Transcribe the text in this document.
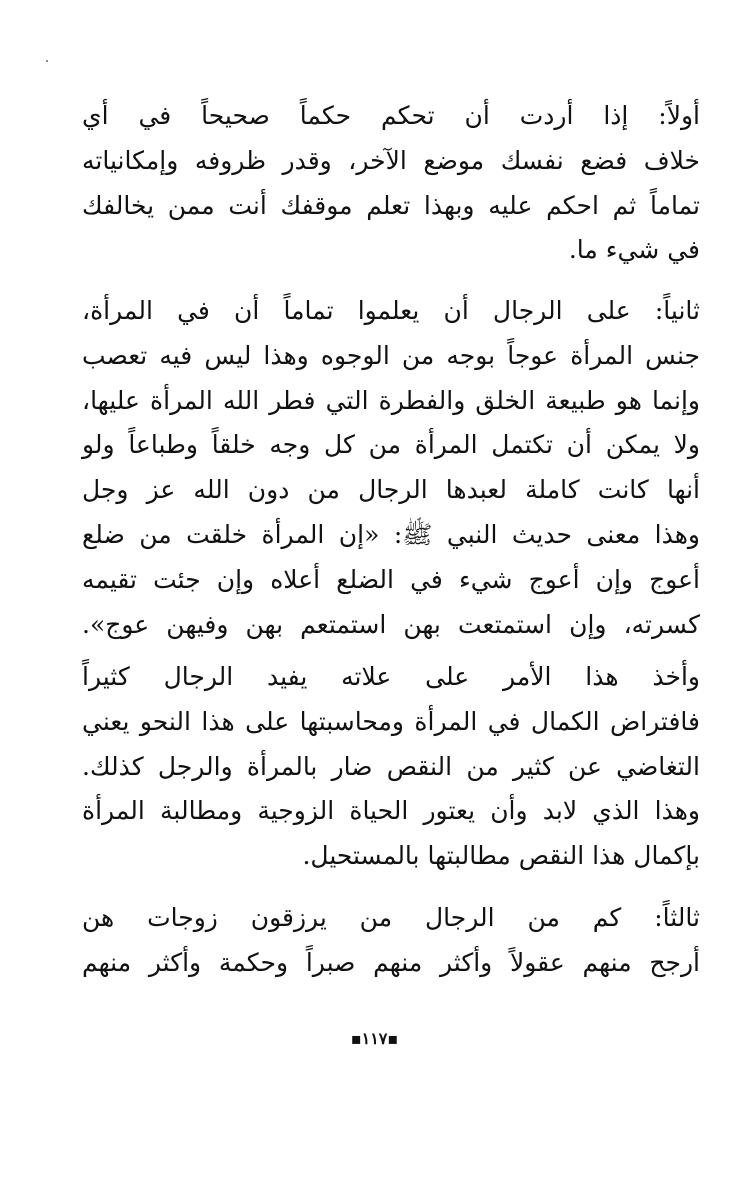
أولاً: إذا أردت أن تحكم حكماً صحيحاً في أي
خلاف فضع نفسك موضع الآخر، وقدر ظروفه وإمكانياته
تماماً ثم احكم عليه وبهذا تعلم موقفك أنت ممن يخالفك
في شيء ما.
ثانياً: على الرجال أن يعلموا تماماً أن في المرأة،
جنس المرأة عوجاً بوجه من الوجوه وهذا ليس فيه تعصب
وإنما هو طبيعة الخلق والفطرة التي فطر الله المرأة عليها،
ولا يمكن أن تكتمل المرأة من كل وجه خلقاً وطباعاً ولو
أنها كانت كاملة لعبدها الرجال من دون الله عز وجل
وهذا معنى حديث النبي ﷺ: «إن المرأة خلقت من ضلع
أعوج وإن أعوج شيء في الضلع أعلاه وإن جئت تقيمه
كسرته، وإن استمتعت بهن استمتعم بهن وفيهن عوج».
وأخذ هذا الأمر على علاته يفيد الرجال كثيراً
فافتراض الكمال في المرأة ومحاسبتها على هذا النحو يعني
التغاضي عن كثير من النقص ضار بالمرأة والرجل كذلك.
وهذا الذي لابد وأن يعتور الحياة الزوجية ومطالبة المرأة
بإكمال هذا النقص مطالبتها بالمستحيل.
ثالثاً: كم من الرجال من يرزقون زوجات هن
أرجح منهم عقولاً وأكثر منهم صبراً وحكمة وأكثر منهم
▪١١٧▪
